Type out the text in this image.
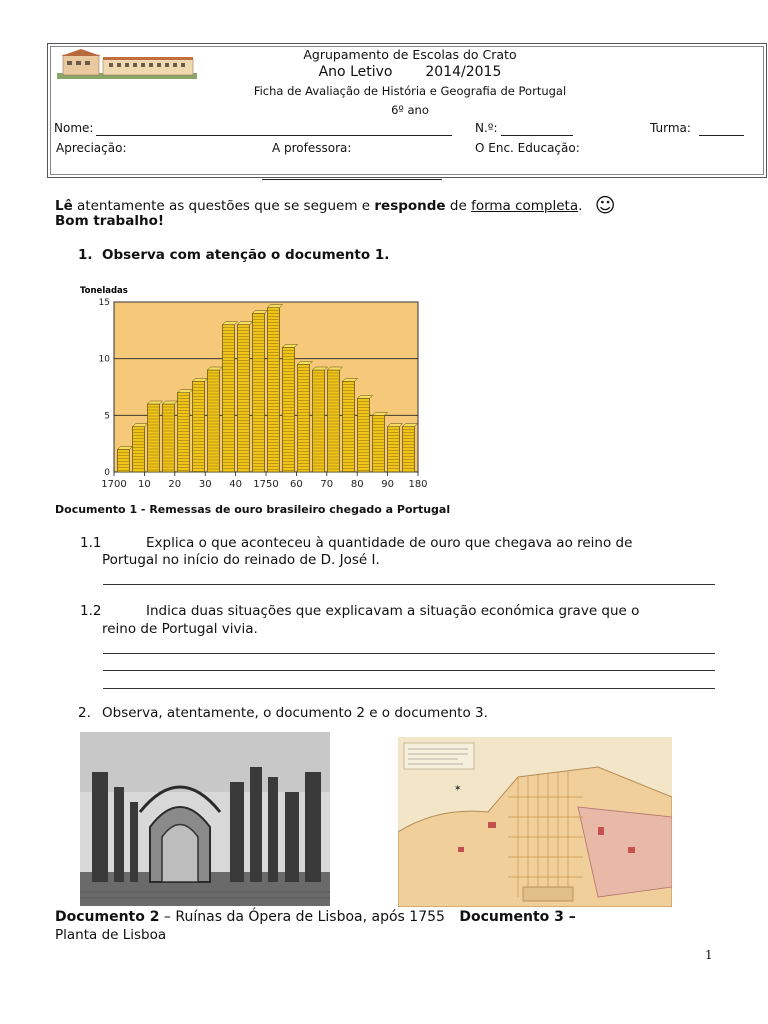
Agrupamento de Escolas do Crato
Ano Letivo 2014/2015
Ficha de Avaliação de História e Geografia de Portugal
6º ano
Nome:	N.º:	Turma:
Apreciação:	A professora:	O Enc. Educação:
Lê atentamente as questões que se seguem e responde de forma completa. ☺
Bom trabalho!
1. Observa com atenção o documento 1.
Toneladas
0
5
10
15
1700 10 20 30 40 1750 60 70 80 90 180
Documento 1 - Remessas de ouro brasileiro chegado a Portugal
1.1	Explica o que aconteceu à quantidade de ouro que chegava ao reino de
Portugal no início do reinado de D. José I.
1.2	Indica duas situações que explicavam a situação económica grave que o
reino de Portugal vivia.
2. Observa, atentamente, o documento 2 e o documento 3.
✶
Documento 2 – Ruínas da Ópera de Lisboa, após 1755 Documento 3 –
Planta de Lisboa
1
